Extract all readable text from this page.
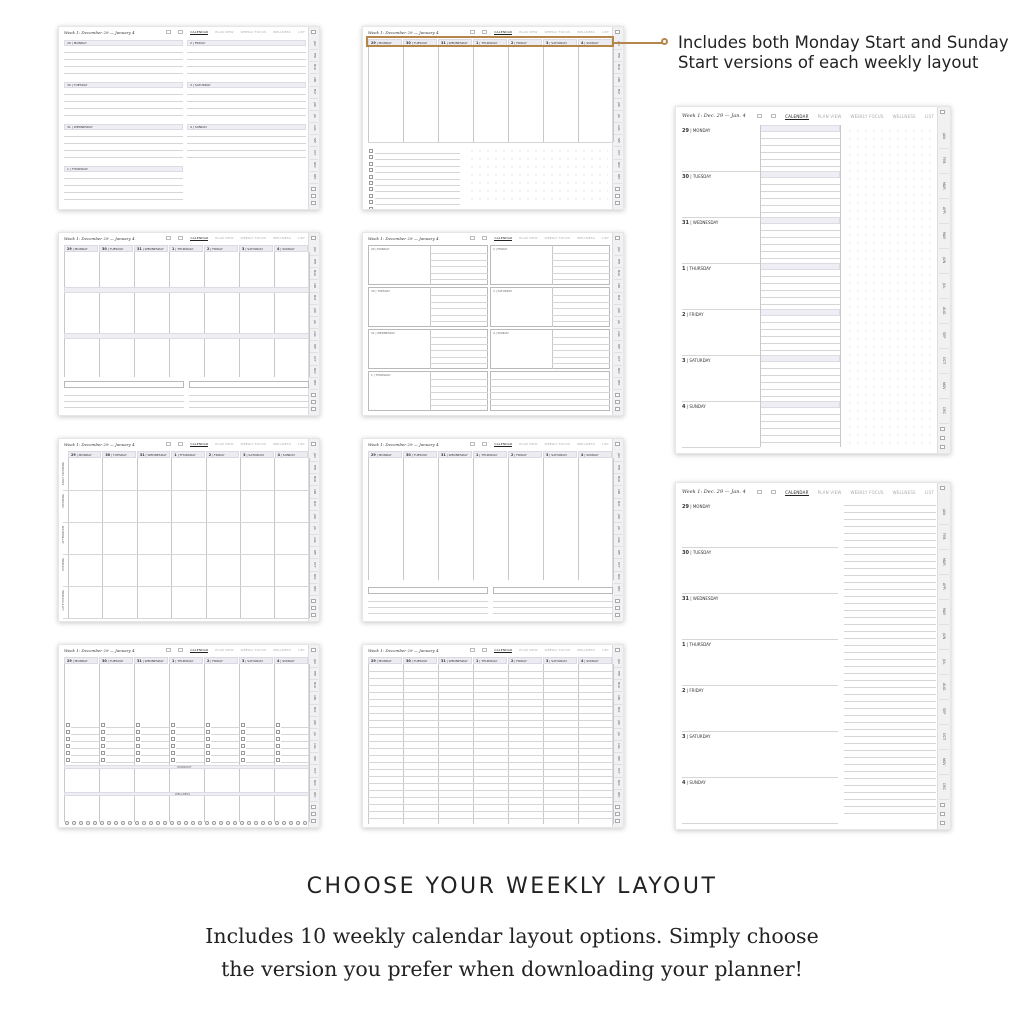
Week 1: December 29 — January 4	CALENDAR PLAN VIEW WEEKLY FOCUS WELLNESS LIST
JAN
FEB
MAR
APR
MAY
JUN
JUL
AUG
SEP
OCT
NOV
DEC
29 | MONDAY
30 | TUESDAY
31 | WEDNESDAY
1 | THURSDAY
2 | FRIDAY
3 | SATURDAY
4 | SUNDAY
Week 1: December 29 — January 4	CALENDAR PLAN VIEW WEEKLY FOCUS WELLNESS LIST
JAN
FEB
MAR
APR
MAY
JUN
JUL
AUG
SEP
OCT
NOV
DEC
29 | MONDAY	30 | TUESDAY	31 | WEDNESDAY 1 | THURSDAY	2 | FRIDAY	3 | SATURDAY	4 | SUNDAY
Week 1: December 29 — January 4	CALENDAR PLAN VIEW WEEKLY FOCUS WELLNESS LIST
JAN
FEB
MAR
APR
MAY
JUN
JUL
AUG
SEP
OCT
NOV
DEC
29 | MONDAY	30 | TUESDAY	31 | WEDNESDAY 1 | THURSDAY	2 | FRIDAY	3 | SATURDAY	4 | SUNDAY
Week 1: December 29 — January 4	CALENDAR PLAN VIEW WEEKLY FOCUS WELLNESS LIST
JAN
FEB
MAR
APR
MAY
JUN
JUL
AUG
SEP
OCT
NOV
DEC
29 | MONDAY	2 | FRIDAY
30 | TUESDAY	3 | SATURDAY
31 | WEDNESDAY	4 | SUNDAY
1 | THURSDAY
Week 1: December 29 — January 4	CALENDAR PLAN VIEW WEEKLY FOCUS WELLNESS LIST
JAN
FEB
MAR
APR
MAY
JUN
JUL
AUG
SEP
OCT
NOV
DEC
29 | MONDAY	30 | TUESDAY	31 | WEDNESDAY 1 | THURSDAY	2 | FRIDAY	3 | SATURDAY	4 | SUNDAY
EARLY MORNING
MORNING
AFTERNOON
EVENING
LATE EVENING
Week 1: December 29 — January 4	CALENDAR PLAN VIEW WEEKLY FOCUS WELLNESS LIST
JAN
FEB
MAR
APR
MAY
JUN
JUL
AUG
SEP
OCT
NOV
DEC
29 | MONDAY	30 | TUESDAY	31 | WEDNESDAY 1 | THURSDAY	2 | FRIDAY	3 | SATURDAY	4 | SUNDAY
Week 1: December 29 — January 4	CALENDAR PLAN VIEW WEEKLY FOCUS WELLNESS LIST
JAN
FEB
MAR
APR
MAY
JUN
JUL
AUG
SEP
OCT
NOV
DEC
29 | MONDAY	30 | TUESDAY	31 | WEDNESDAY 1 | THURSDAY	2 | FRIDAY	3 | SATURDAY	4 | SUNDAY
WORKOUT
WELLNESS
Week 1: December 29 — January 4	CALENDAR PLAN VIEW WEEKLY FOCUS WELLNESS LIST
JAN
FEB
MAR
APR
MAY
JUN
JUL
AUG
SEP
OCT
NOV
DEC
29 | MONDAY	30 | TUESDAY	31 | WEDNESDAY 1 | THURSDAY	2 | FRIDAY	3 | SATURDAY	4 | SUNDAY
Week 1: Dec. 29 — Jan. 4	CALENDAR PLAN VIEW WEEKLY FOCUS WELLNESS LIST
JAN
FEB
MAR
APR
MAY
JUN
JUL
AUG
SEP
OCT
NOV
DEC
29 | MONDAY
30 | TUESDAY
31 | WEDNESDAY
1 | THURSDAY
2 | FRIDAY
3 | SATURDAY
4 | SUNDAY
Week 1: Dec. 29 — Jan. 4	CALENDAR PLAN VIEW WEEKLY FOCUS WELLNESS LIST
JAN
FEB
MAR
APR
MAY
JUN
JUL
AUG
SEP
OCT
NOV
DEC
29 | MONDAY
30 | TUESDAY
31 | WEDNESDAY
1 | THURSDAY
2 | FRIDAY
3 | SATURDAY
4 | SUNDAY
Includes both Monday Start and Sunday
Start versions of each weekly layout
CHOOSE YOUR WEEKLY LAYOUT
Includes 10 weekly calendar layout options. Simply choose
the version you prefer when downloading your planner!
